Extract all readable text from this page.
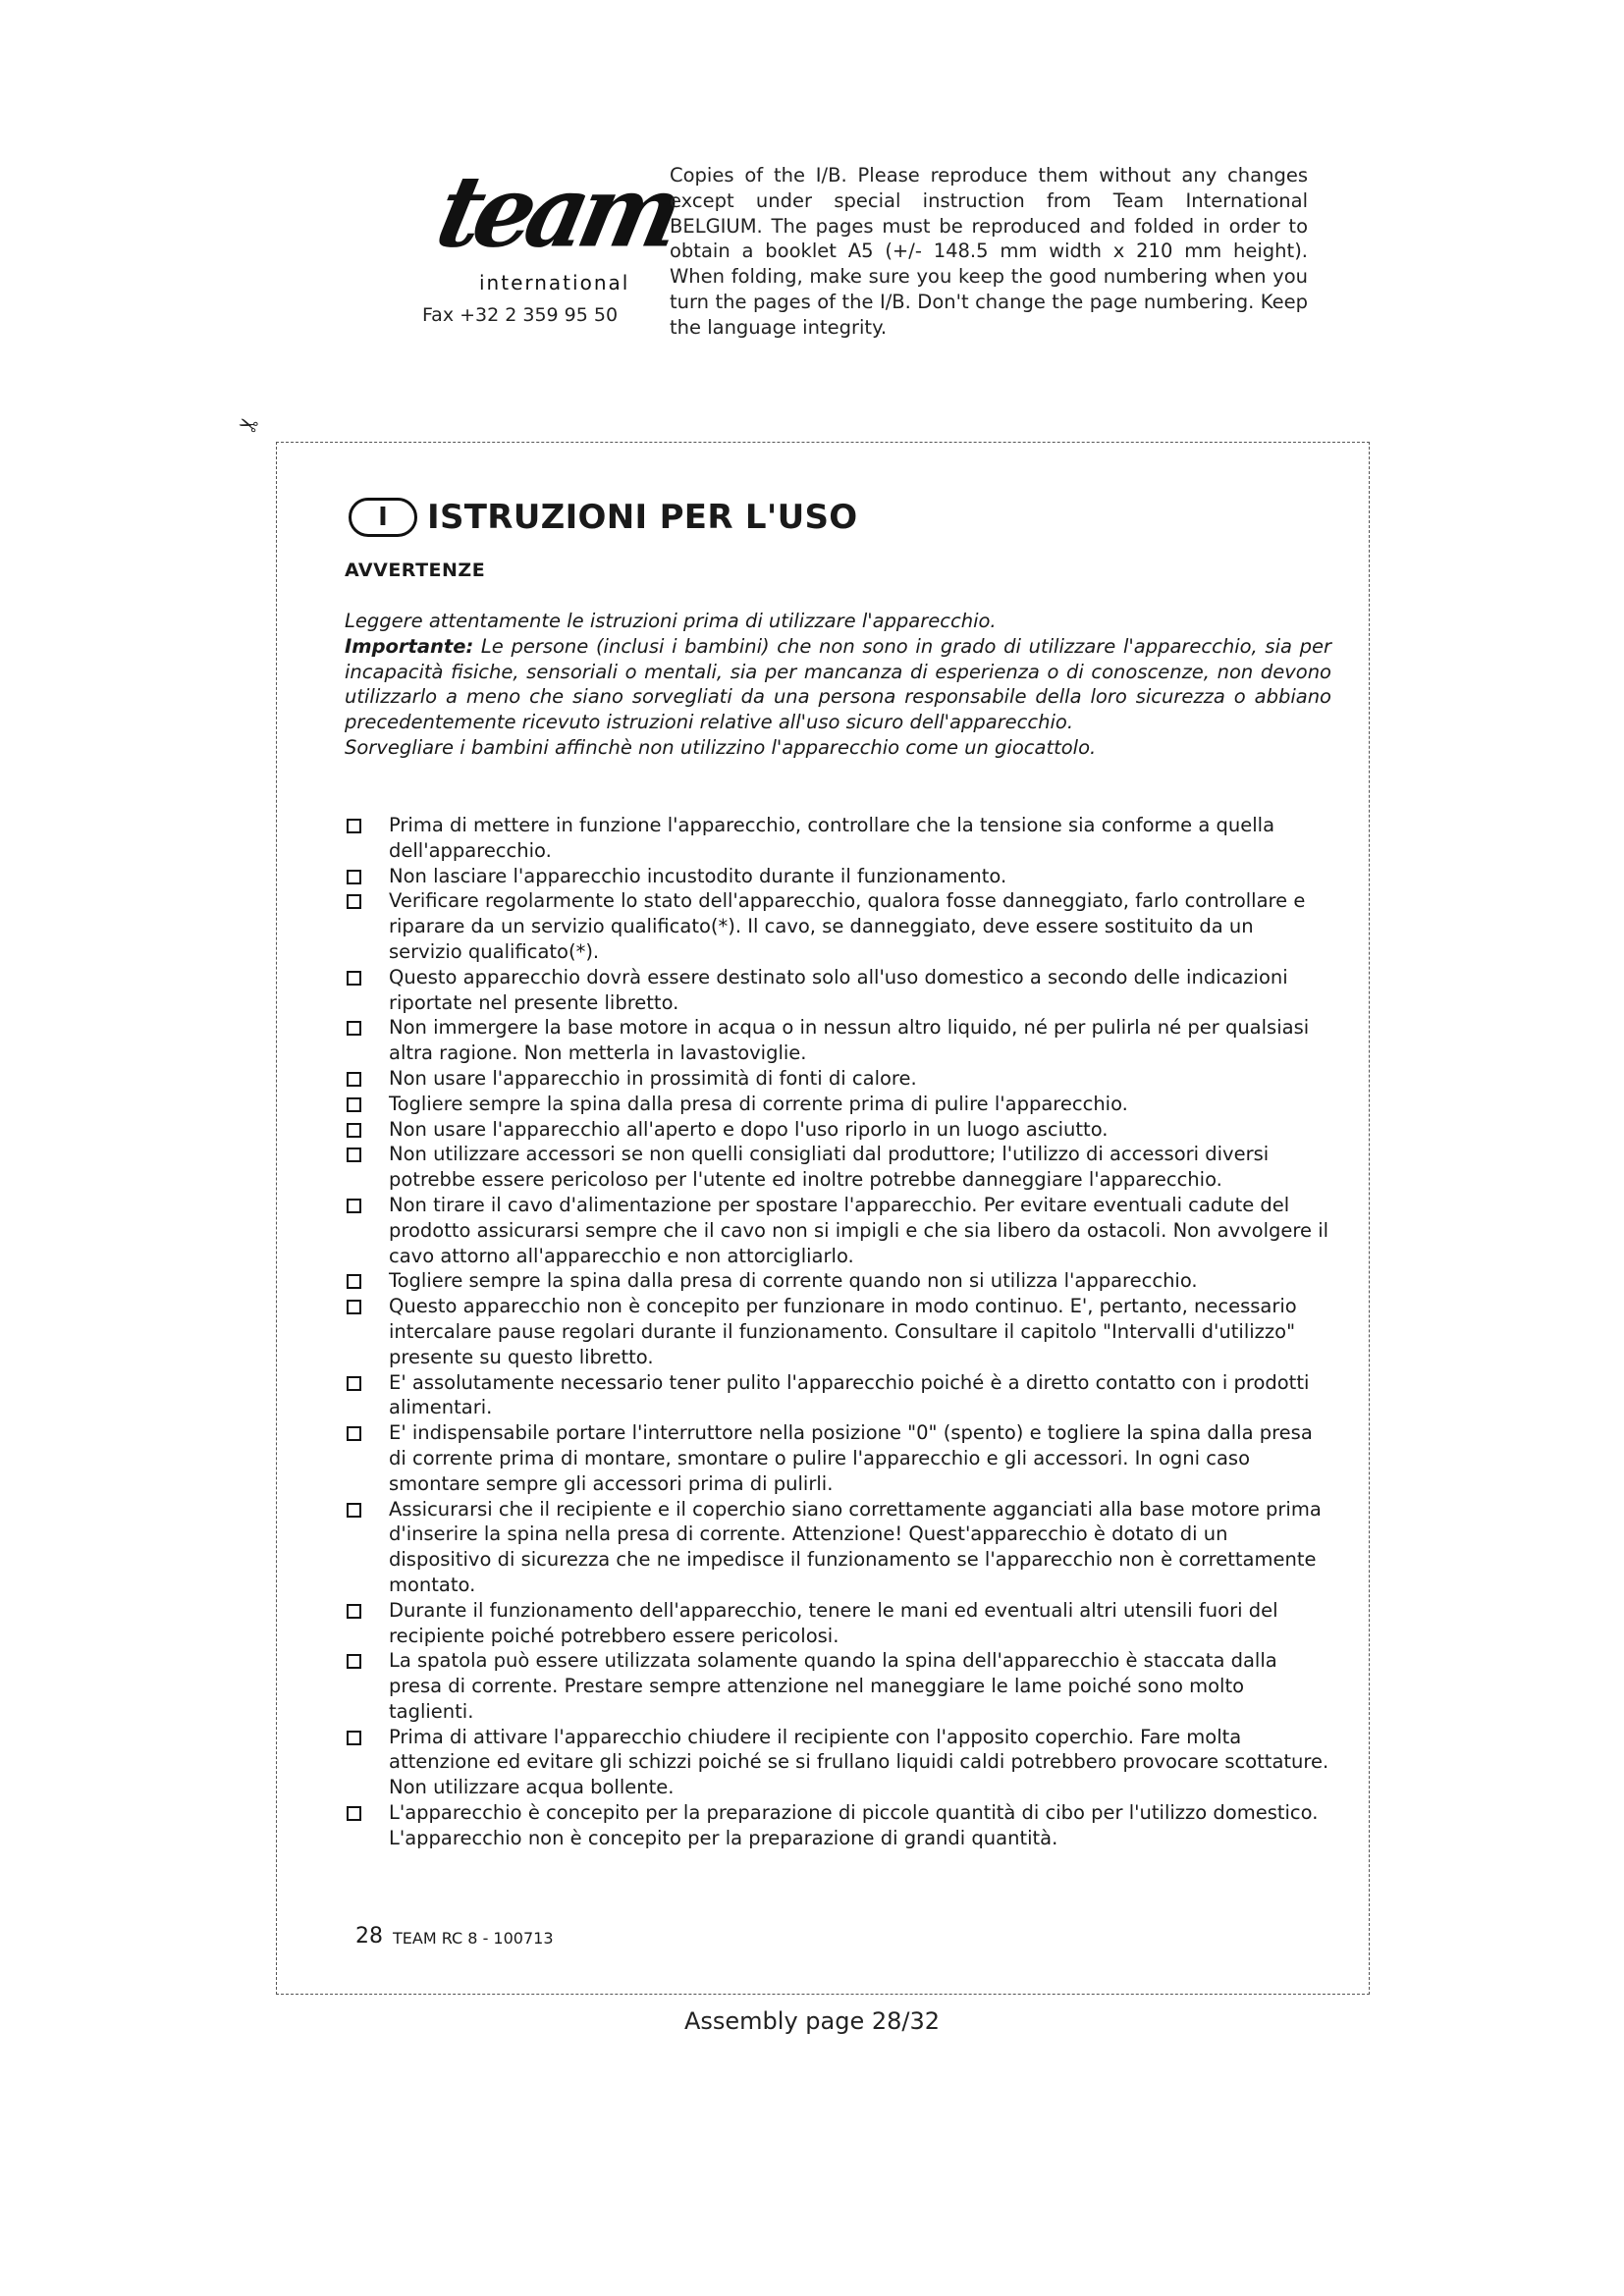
team
international
Fax +32 2 359 95 50
Copies of the I/B. Please reproduce them without any changes except under special instruction from Team International BELGIUM. The pages must be reproduced and folded in order to obtain a booklet A5 (+/- 148.5 mm width x 210 mm height). When folding, make sure you keep the good numbering when you turn the pages of the I/B. Don't change the page numbering. Keep the language integrity.
✂
I	ISTRUZIONI PER L'USO
AVVERTENZE

Leggere attentamente le istruzioni prima di utilizzare l'apparecchio.

Importante: Le persone (inclusi i bambini) che non sono in grado di utilizzare l'apparecchio, sia per incapacità fisiche, sensoriali o mentali, sia per mancanza di esperienza o di conoscenze, non devono utilizzarlo a meno che siano sorvegliati da una persona responsabile della loro sicurezza o abbiano precedentemente ricevuto istruzioni relative all'uso sicuro dell'apparecchio.

Sorvegliare i bambini affinchè non utilizzino l'apparecchio come un giocattolo.

Prima di mettere in funzione l'apparecchio, controllare che la tensione sia conforme a quella dell'apparecchio.
Non lasciare l'apparecchio incustodito durante il funzionamento.
Verificare regolarmente lo stato dell'apparecchio, qualora fosse danneggiato, farlo controllare e riparare da un servizio qualificato(*). Il cavo, se danneggiato, deve essere sostituito da un servizio qualificato(*).
Questo apparecchio dovrà essere destinato solo all'uso domestico a secondo delle indicazioni riportate nel presente libretto.
Non immergere la base motore in acqua o in nessun altro liquido, né per pulirla né per qualsiasi altra ragione. Non metterla in lavastoviglie.
Non usare l'apparecchio in prossimità di fonti di calore.
Togliere sempre la spina dalla presa di corrente prima di pulire l'apparecchio.
Non usare l'apparecchio all'aperto e dopo l'uso riporlo in un luogo asciutto.
Non utilizzare accessori se non quelli consigliati dal produttore; l'utilizzo di accessori diversi potrebbe essere pericoloso per l'utente ed inoltre potrebbe danneggiare l'apparecchio.
Non tirare il cavo d'alimentazione per spostare l'apparecchio. Per evitare eventuali cadute del prodotto assicurarsi sempre che il cavo non si impigli e che sia libero da ostacoli. Non avvolgere il cavo attorno all'apparecchio e non attorcigliarlo.
Togliere sempre la spina dalla presa di corrente quando non si utilizza l'apparecchio.
Questo apparecchio non è concepito per funzionare in modo continuo. E', pertanto, necessario intercalare pause regolari durante il funzionamento. Consultare il capitolo "Intervalli d'utilizzo" presente su questo libretto.
E' assolutamente necessario tener pulito l'apparecchio poiché è a diretto contatto con i prodotti alimentari.
E' indispensabile portare l'interruttore nella posizione "0" (spento) e togliere la spina dalla presa di corrente prima di montare, smontare o pulire l'apparecchio e gli accessori. In ogni caso smontare sempre gli accessori prima di pulirli.
Assicurarsi che il recipiente e il coperchio siano correttamente agganciati alla base motore prima d'inserire la spina nella presa di corrente. Attenzione! Quest'apparecchio è dotato di un dispositivo di sicurezza che ne impedisce il funzionamento se l'apparecchio non è correttamente montato.
Durante il funzionamento dell'apparecchio, tenere le mani ed eventuali altri utensili fuori del recipiente poiché potrebbero essere pericolosi.
La spatola può essere utilizzata solamente quando la spina dell'apparecchio è staccata dalla presa di corrente. Prestare sempre attenzione nel maneggiare le lame poiché sono molto taglienti.
Prima di attivare l'apparecchio chiudere il recipiente con l'apposito coperchio. Fare molta attenzione ed evitare gli schizzi poiché se si frullano liquidi caldi potrebbero provocare scottature. Non utilizzare acqua bollente.
L'apparecchio è concepito per la preparazione di piccole quantità di cibo per l'utilizzo domestico. L'apparecchio non è concepito per la preparazione di grandi quantità.
28 TEAM RC 8 - 100713
Assembly page 28/32
